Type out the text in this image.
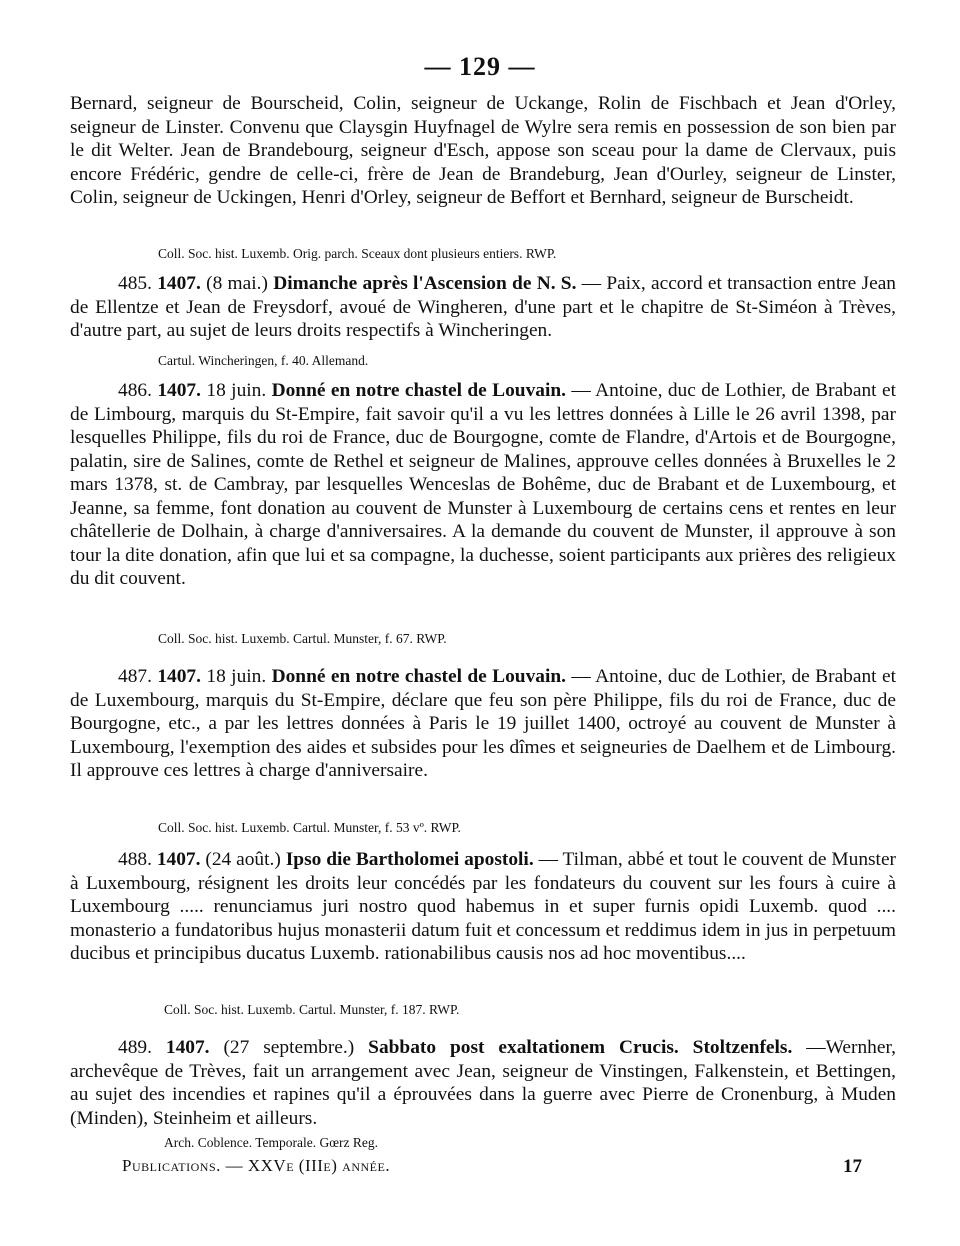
— 129 —
Bernard, seigneur de Bourscheid, Colin, seigneur de Uckange, Rolin de Fischbach et Jean d'Orley, seigneur de Linster. Convenu que Claysgin Huyfnagel de Wylre sera remis en possession de son bien par le dit Welter. Jean de Brandebourg, seigneur d'Esch, appose son sceau pour la dame de Clervaux, puis encore Frédéric, gendre de celle-ci, frère de Jean de Brandeburg, Jean d'Ourley, seigneur de Linster, Colin, seigneur de Uckingen, Henri d'Orley, seigneur de Beffort et Bernhard, seigneur de Burscheidt.
Coll. Soc. hist. Luxemb. Orig. parch. Sceaux dont plusieurs entiers. RWP.
485. 1407. (8 mai.) Dimanche après l'Ascension de N. S. — Paix, accord et transaction entre Jean de Ellentze et Jean de Freysdorf, avoué de Wingheren, d'une part et le chapitre de St-Siméon à Trèves, d'autre part, au sujet de leurs droits respectifs à Wincheringen.
Cartul. Wincheringen, f. 40. Allemand.
486. 1407. 18 juin. Donné en notre chastel de Louvain. — Antoine, duc de Lothier, de Brabant et de Limbourg, marquis du St-Empire, fait savoir qu'il a vu les lettres données à Lille le 26 avril 1398, par lesquelles Philippe, fils du roi de France, duc de Bourgogne, comte de Flandre, d'Artois et de Bourgogne, palatin, sire de Salines, comte de Rethel et seigneur de Malines, approuve celles données à Bruxelles le 2 mars 1378, st. de Cambray, par lesquelles Wenceslas de Bohême, duc de Brabant et de Luxembourg, et Jeanne, sa femme, font donation au couvent de Munster à Luxembourg de certains cens et rentes en leur châtellerie de Dolhain, à charge d'anniversaires. A la demande du couvent de Munster, il approuve à son tour la dite donation, afin que lui et sa compagne, la duchesse, soient participants aux prières des religieux du dit couvent.
Coll. Soc. hist. Luxemb. Cartul. Munster, f. 67. RWP.
487. 1407. 18 juin. Donné en notre chastel de Louvain. — Antoine, duc de Lothier, de Brabant et de Luxembourg, marquis du St-Empire, déclare que feu son père Philippe, fils du roi de France, duc de Bourgogne, etc., a par les lettres données à Paris le 19 juillet 1400, octroyé au couvent de Munster à Luxembourg, l'exemption des aides et subsides pour les dîmes et seigneuries de Daelhem et de Limbourg. Il approuve ces lettres à charge d'anniversaire.
Coll. Soc. hist. Luxemb. Cartul. Munster, f. 53 vº. RWP.
488. 1407. (24 août.) Ipso die Bartholomei apostoli. — Tilman, abbé et tout le couvent de Munster à Luxembourg, résignent les droits leur concédés par les fondateurs du couvent sur les fours à cuire à Luxembourg ..... renunciamus juri nostro quod habemus in et super furnis opidi Luxemb. quod .... monasterio a fundatoribus hujus monasterii datum fuit et concessum et reddimus idem in jus in perpetuum ducibus et principibus ducatus Luxemb. rationabilibus causis nos ad hoc moventibus....
Coll. Soc. hist. Luxemb. Cartul. Munster, f. 187. RWP.
489. 1407. (27 septembre.) Sabbato post exaltationem Crucis. Stoltzenfels. —Wernher, archevêque de Trèves, fait un arrangement avec Jean, seigneur de Vinstingen, Falkenstein, et Bettingen, au sujet des incendies et rapines qu'il a éprouvées dans la guerre avec Pierre de Cronenburg, à Muden (Minden), Steinheim et ailleurs.
Arch. Coblence. Temporale. Gœrz Reg.
Publications. — XXVe (IIIe) année.	17
